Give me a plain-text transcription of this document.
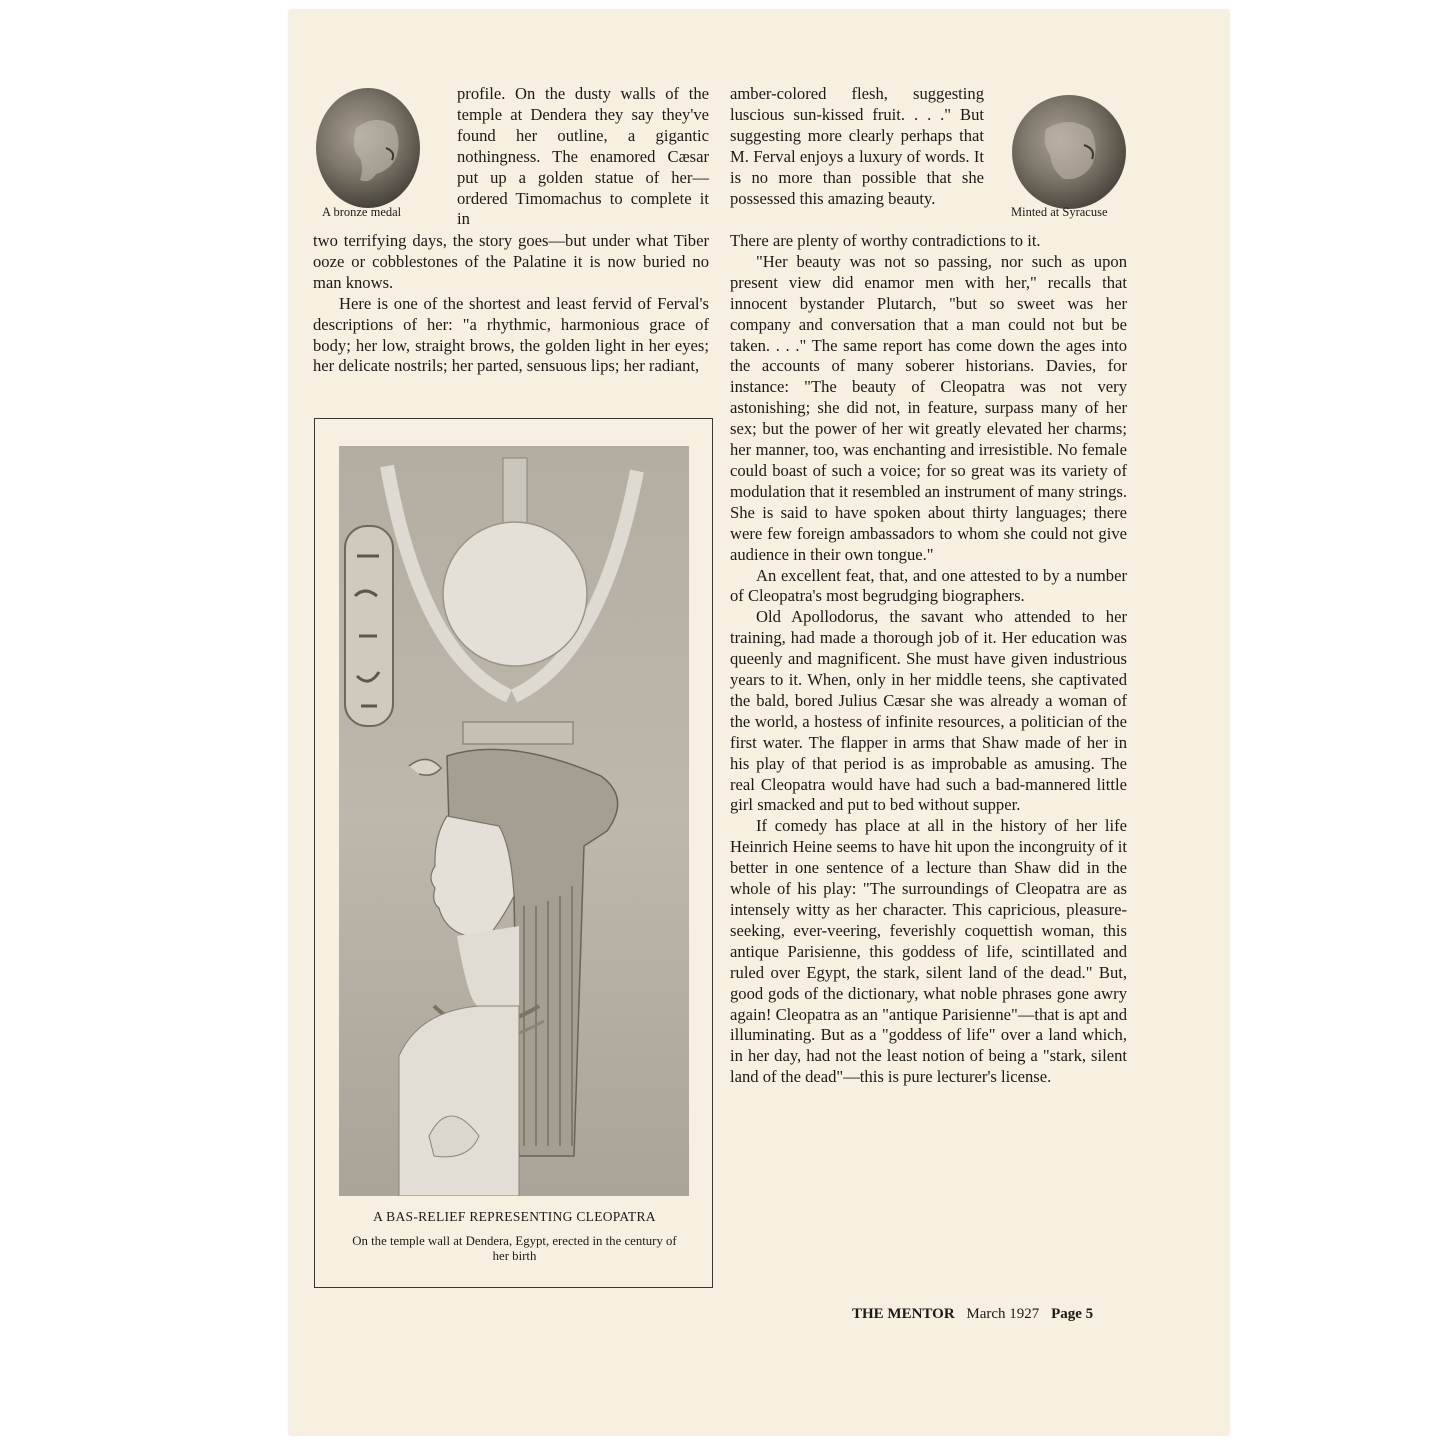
A bronze medal	Minted at Syracuse

profile. On the dusty walls of the temple at Dendera they say they've found her outline, a gigantic nothingness. The enamored Cæsar put up a golden statue of her—ordered Timomachus to complete it in

two terrifying days, the story goes—but under what Tiber ooze or cobblestones of the Palatine it is now buried no man knows.

Here is one of the shortest and least fervid of Ferval's descriptions of her: "a rhythmic, harmonious grace of body; her low, straight brows, the golden light in her eyes; her delicate nostrils; her parted, sensuous lips; her radiant,

amber-colored flesh, suggesting luscious sun-kissed fruit. . . ." But suggesting more clearly perhaps that M. Ferval enjoys a luxury of words. It is no more than possible that she possessed this amazing beauty.

There are plenty of worthy contradictions to it.

"Her beauty was not so passing, nor such as upon present view did enamor men with her," recalls that innocent bystander Plutarch, "but so sweet was her company and conversation that a man could not but be taken. . . ." The same report has come down the ages into the accounts of many soberer historians. Davies, for instance: "The beauty of Cleopatra was not very astonishing; she did not, in feature, surpass many of her sex; but the power of her wit greatly elevated her charms; her manner, too, was enchanting and irresistible. No female could boast of such a voice; for so great was its variety of modulation that it resembled an instrument of many strings. She is said to have spoken about thirty languages; there were few foreign ambassadors to whom she could not give audience in their own tongue."

An excellent feat, that, and one attested to by a number of Cleopatra's most begrudging biographers.

Old Apollodorus, the savant who attended to her training, had made a thorough job of it. Her education was queenly and magnificent. She must have given industrious years to it. When, only in her middle teens, she captivated the bald, bored Julius Cæsar she was already a woman of the world, a hostess of infinite resources, a politician of the first water. The flapper in arms that Shaw made of her in his play of that period is as improbable as amusing. The real Cleopatra would have had such a bad-mannered little girl smacked and put to bed without supper.

If comedy has place at all in the history of her life Heinrich Heine seems to have hit upon the incongruity of it better in one sentence of a lecture than Shaw did in the whole of his play: "The surroundings of Cleopatra are as intensely witty as her character. This capricious, pleasure-seeking, ever-veering, feverishly coquettish woman, this antique Parisienne, this goddess of life, scintillated and ruled over Egypt, the stark, silent land of the dead." But, good gods of the dictionary, what noble phrases gone awry again! Cleopatra as an "antique Parisienne"—that is apt and illuminating. But as a "goddess of life" over a land which, in her day, had not the least notion of being a "stark, silent land of the dead"—this is pure lecturer's license.

A BAS-RELIEF REPRESENTING CLEOPATRA
On the temple wall at Dendera, Egypt, erected in the century of her birth
THE MENTOR March 1927 Page 5
